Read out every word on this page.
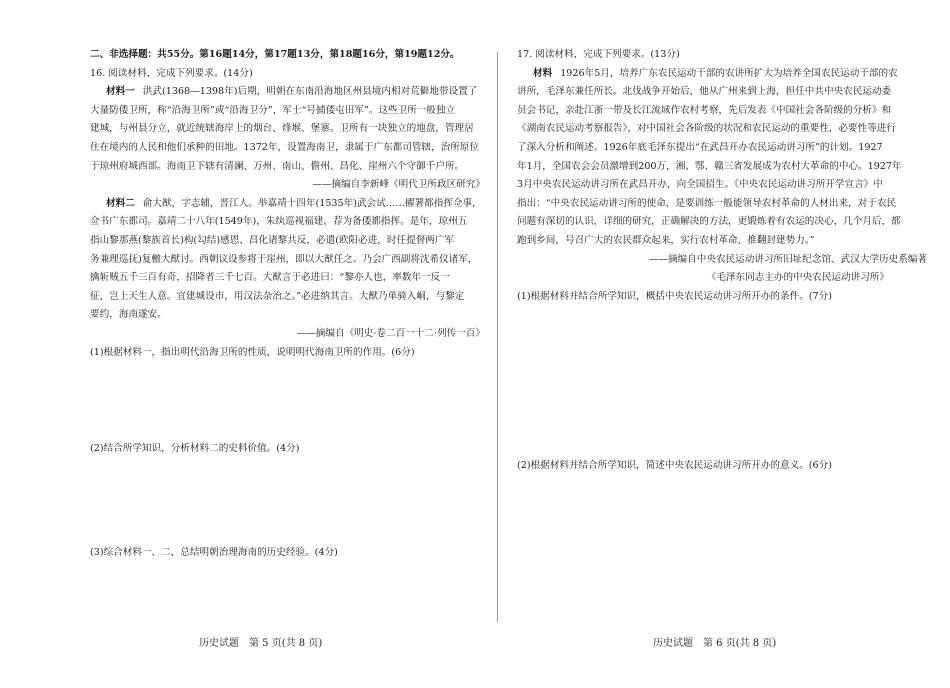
二、非选择题：共55分。第16题14分，第17题13分，第18题16分，第19题12分。
16. 阅读材料，完成下列要求。(14分)
材料一 洪武(1368—1398年)后期，明朝在东南沿海地区州县境内相对荒僻地带设置了
大量防倭卫所，称“沿海卫所”或“沿海卫分”，军士“号捕倭屯田军”。这些卫所一般独立
建城，与州县分立，就近统辖海岸上的烟台、烽堠、堡寨。卫所有一块独立的地盘，管理居
住在境内的人民和他们承种的田地。1372年，设置海南卫，隶属于广东都司管辖，治所原位
于琼州府城西部。海南卫下辖有清澜、万州、南山、儋州、昌化、崖州六个守御千户所。
——摘编自李新峰《明代卫所政区研究》
材料二 俞大猷，字志辅，晋江人。举嘉靖十四年(1535年)武会试……擢署都指挥佥事，
佥书广东都司。嘉靖二十八年(1549年)，朱纨巡视福建，荐为备倭都指挥。是年，琼州五
指山黎那燕(黎族首长)构(勾结)感恩、昌化诸黎共反，必遣(欧阳必进，时任提督两广军
务兼理巡抚)复檄大猷讨。西朝议设参将于崖州，即以大猷任之。乃会广西副将沈希仪诸军，
擒斩贼五千三百有奇，招降者三千七百。大猷言于必进曰：“黎亦人也，率数年一反一
征，岂上天生人意。宜建城设市，用汉法杂治之。”必进纳其言。大猷乃单骑入峒，与黎定
要约，海南遂安。
——摘编自《明史·卷二百一十二·列传一百》
(1)根据材料一，指出明代沿海卫所的性质，说明明代海南卫所的作用。(6分)
(2)结合所学知识，分析材料二的史料价值。(4分)
(3)综合材料一、二，总结明朝治理海南的历史经验。(4分)
历史试题　第 5 页(共 8 页)
17. 阅读材料，完成下列要求。(13分)
材料 1926年5月，培养广东农民运动干部的农讲所扩大为培养全国农民运动干部的农
讲所，毛泽东兼任所长。北伐战争开始后，他从广州来到上海，担任中共中央农民运动委
员会书记，亲赴江浙一带及长江流域作农村考察，先后发表《中国社会各阶级的分析》和
《湖南农民运动考察报告》，对中国社会各阶级的状况和农民运动的重要性，必要性等进行
了深入分析和阐述。1926年底毛泽东提出“在武昌开办农民运动讲习所”的计划。1927
年1月，全国农会会员激增到200万，湘、鄂、赣三省发展成为农村大革命的中心。1927年
3月中央农民运动讲习所在武昌开办，向全国招生。《中央农民运动讲习所开学宣言》中
指出：“中央农民运动讲习所的使命，是要训练一般能领导农村革命的人材出来，对于农民
问题有深切的认识，详细的研究，正确解决的方法，更锻炼着有农运的决心，几个月后，都
跑到乡间，号召广大的农民群众起来，实行农村革命，推翻封建势力。”
——摘编自中央农民运动讲习所旧址纪念馆、武汉大学历史系编著
《毛泽东同志主办的中央农民运动讲习所》
(1)根据材料并结合所学知识，概括中央农民运动讲习所开办的条件。(7分)
(2)根据材料并结合所学知识，简述中央农民运动讲习所开办的意义。(6分)
历史试题　第 6 页(共 8 页)
